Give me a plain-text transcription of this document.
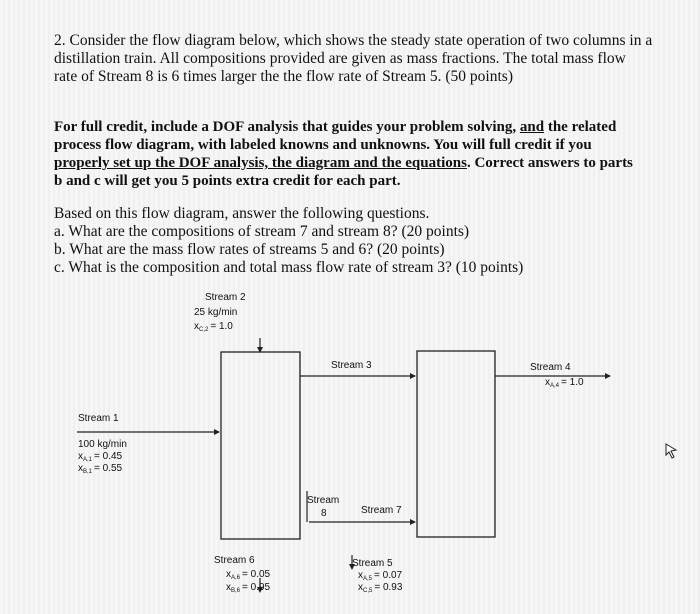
2. Consider the flow diagram below, which shows the steady state operation of two columns in a
distillation train. All compositions provided are given as mass fractions. The total mass flow
rate of Stream 8 is 6 times larger the the flow rate of Stream 5. (50 points)
For full credit, include a DOF analysis that guides your problem solving, and the related
process flow diagram, with labeled knowns and unknowns. You will full credit if you
properly set up the DOF analysis, the diagram and the equations. Correct answers to parts
b and c will get you 5 points extra credit for each part.
Based on this flow diagram, answer the following questions.
a. What are the compositions of stream 7 and stream 8? (20 points)
b. What are the mass flow rates of streams 5 and 6? (20 points)
c. What is the composition and total mass flow rate of stream 3? (10 points)
Stream 2
25 kg/min
$x_{C,2} = 1.0$
Stream 1
100 kg/min
$x_{A,1} = 0.45$
$x_{B,1} = 0.55$
Stream 3	Stream 4
$x_{A,4} = 1.0$
Stream
8	Stream 7
Stream 6
$x_{A,6} = 0.05$
$x_{B,6} = 0.95$
Stream 5
$x_{A,5} = 0.07$
$x_{C,5} = 0.93$
